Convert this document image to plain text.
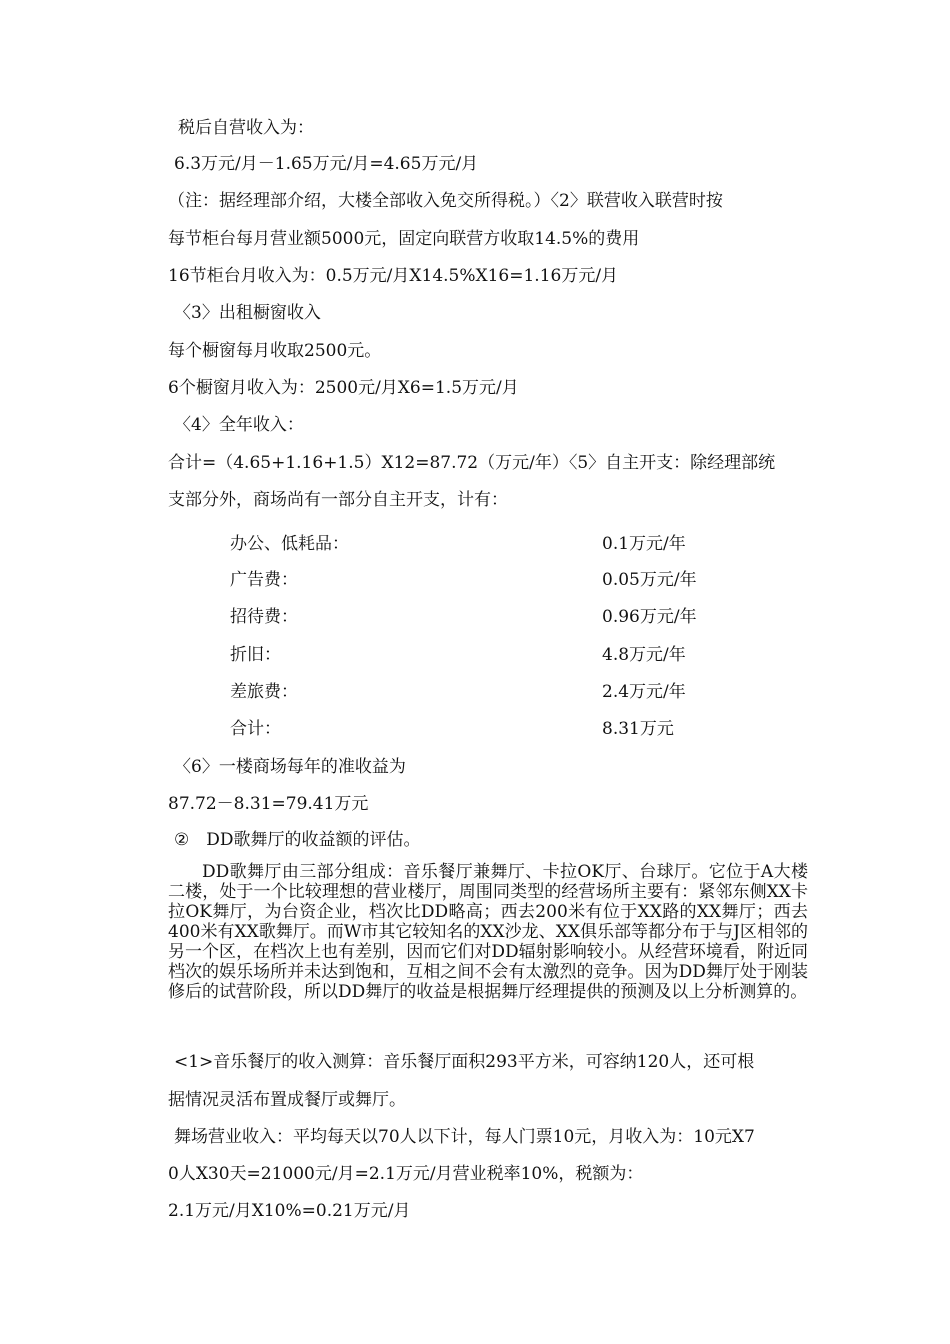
税后自营收入为：
6.3万元/月－1.65万元/月=4.65万元/月
（注：据经理部介绍，大楼全部收入免交所得税。）〈2〉联营收入联营时按
每节柜台每月营业额5000元，固定向联营方收取14.5%的费用
16节柜台月收入为：0.5万元/月X14.5%X16=1.16万元/月
〈3〉出租橱窗收入
每个橱窗每月收取2500元。
6个橱窗月收入为：2500元/月X6=1.5万元/月
〈4〉全年收入：
合计=（4.65+1.16+1.5）X12=87.72（万元/年）〈5〉自主开支：除经理部统
支部分外，商场尚有一部分自主开支，计有：
办公、低耗品：	0.1万元/年
广告费：	0.05万元/年
招待费：	0.96万元/年
折旧：	4.8万元/年
差旅费：	2.4万元/年
合计：	8.31万元
〈6〉一楼商场每年的准收益为
87.72－8.31=79.41万元
②　DD歌舞厅的收益额的评估。
DD歌舞厅由三部分组成：音乐餐厅兼舞厅、卡拉OK厅、台球厅。它位于A大楼二楼，处于一个比较理想的营业楼厅，周围同类型的经营场所主要有：紧邻东侧XX卡拉OK舞厅，为台资企业，档次比DD略高；西去200米有位于XX路的XX舞厅；西去400米有XX歌舞厅。而W市其它较知名的XX沙龙、XX俱乐部等都分布于与J区相邻的另一个区，在档次上也有差别，因而它们对DD辐射影响较小。从经营环境看，附近同档次的娱乐场所并未达到饱和，互相之间不会有太激烈的竞争。因为DD舞厅处于刚装修后的试营阶段，所以DD舞厅的收益是根据舞厅经理提供的预测及以上分析测算的。
<1>音乐餐厅的收入测算：音乐餐厅面积293平方米，可容纳120人，还可根
据情况灵活布置成餐厅或舞厅。
舞场营业收入：平均每天以70人以下计，每人门票10元，月收入为：10元X7
0人X30天=21000元/月=2.1万元/月营业税率10%，税额为：
2.1万元/月X10%=0.21万元/月
